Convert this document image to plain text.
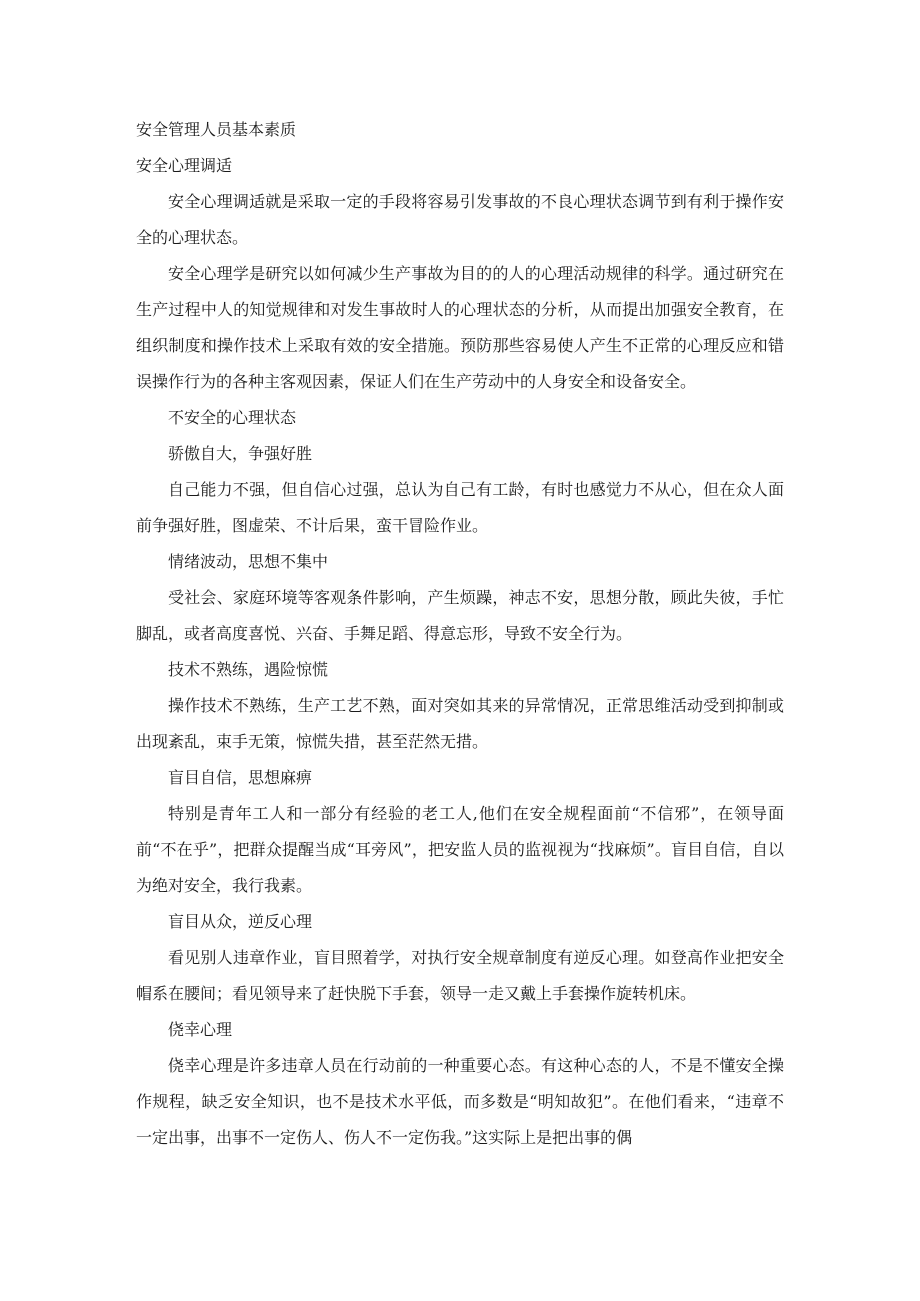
安全管理人员基本素质

安全心理调适

安全心理调适就是采取一定的手段将容易引发事故的不良心理状态调节到有利于操作安全的心理状态。

安全心理学是研究以如何减少生产事故为目的的人的心理活动规律的科学。通过研究在生产过程中人的知觉规律和对发生事故时人的心理状态的分析，从而提出加强安全教育，在组织制度和操作技术上采取有效的安全措施。预防那些容易使人产生不正常的心理反应和错误操作行为的各种主客观因素，保证人们在生产劳动中的人身安全和设备安全。

不安全的心理状态

骄傲自大，争强好胜

自己能力不强，但自信心过强，总认为自己有工龄，有时也感觉力不从心，但在众人面前争强好胜，图虚荣、不计后果，蛮干冒险作业。

情绪波动，思想不集中

受社会、家庭环境等客观条件影响，产生烦躁，神志不安，思想分散，顾此失彼，手忙脚乱，或者高度喜悦、兴奋、手舞足蹈、得意忘形，导致不安全行为。

技术不熟练，遇险惊慌

操作技术不熟练，生产工艺不熟，面对突如其来的异常情况，正常思维活动受到抑制或出现紊乱，束手无策，惊慌失措，甚至茫然无措。

盲目自信，思想麻痹

特别是青年工人和一部分有经验的老工人,他们在安全规程面前“不信邪”，在领导面前“不在乎”，把群众提醒当成“耳旁风”，把安监人员的监视视为“找麻烦”。盲目自信，自以为绝对安全，我行我素。

盲目从众，逆反心理

看见别人违章作业，盲目照着学，对执行安全规章制度有逆反心理。如登高作业把安全帽系在腰间；看见领导来了赶快脱下手套，领导一走又戴上手套操作旋转机床。

侥幸心理

侥幸心理是许多违章人员在行动前的一种重要心态。有这种心态的人，不是不懂安全操作规程，缺乏安全知识，也不是技术水平低，而多数是“明知故犯”。在他们看来，“违章不一定出事，出事不一定伤人、伤人不一定伤我。”这实际上是把出事的偶
